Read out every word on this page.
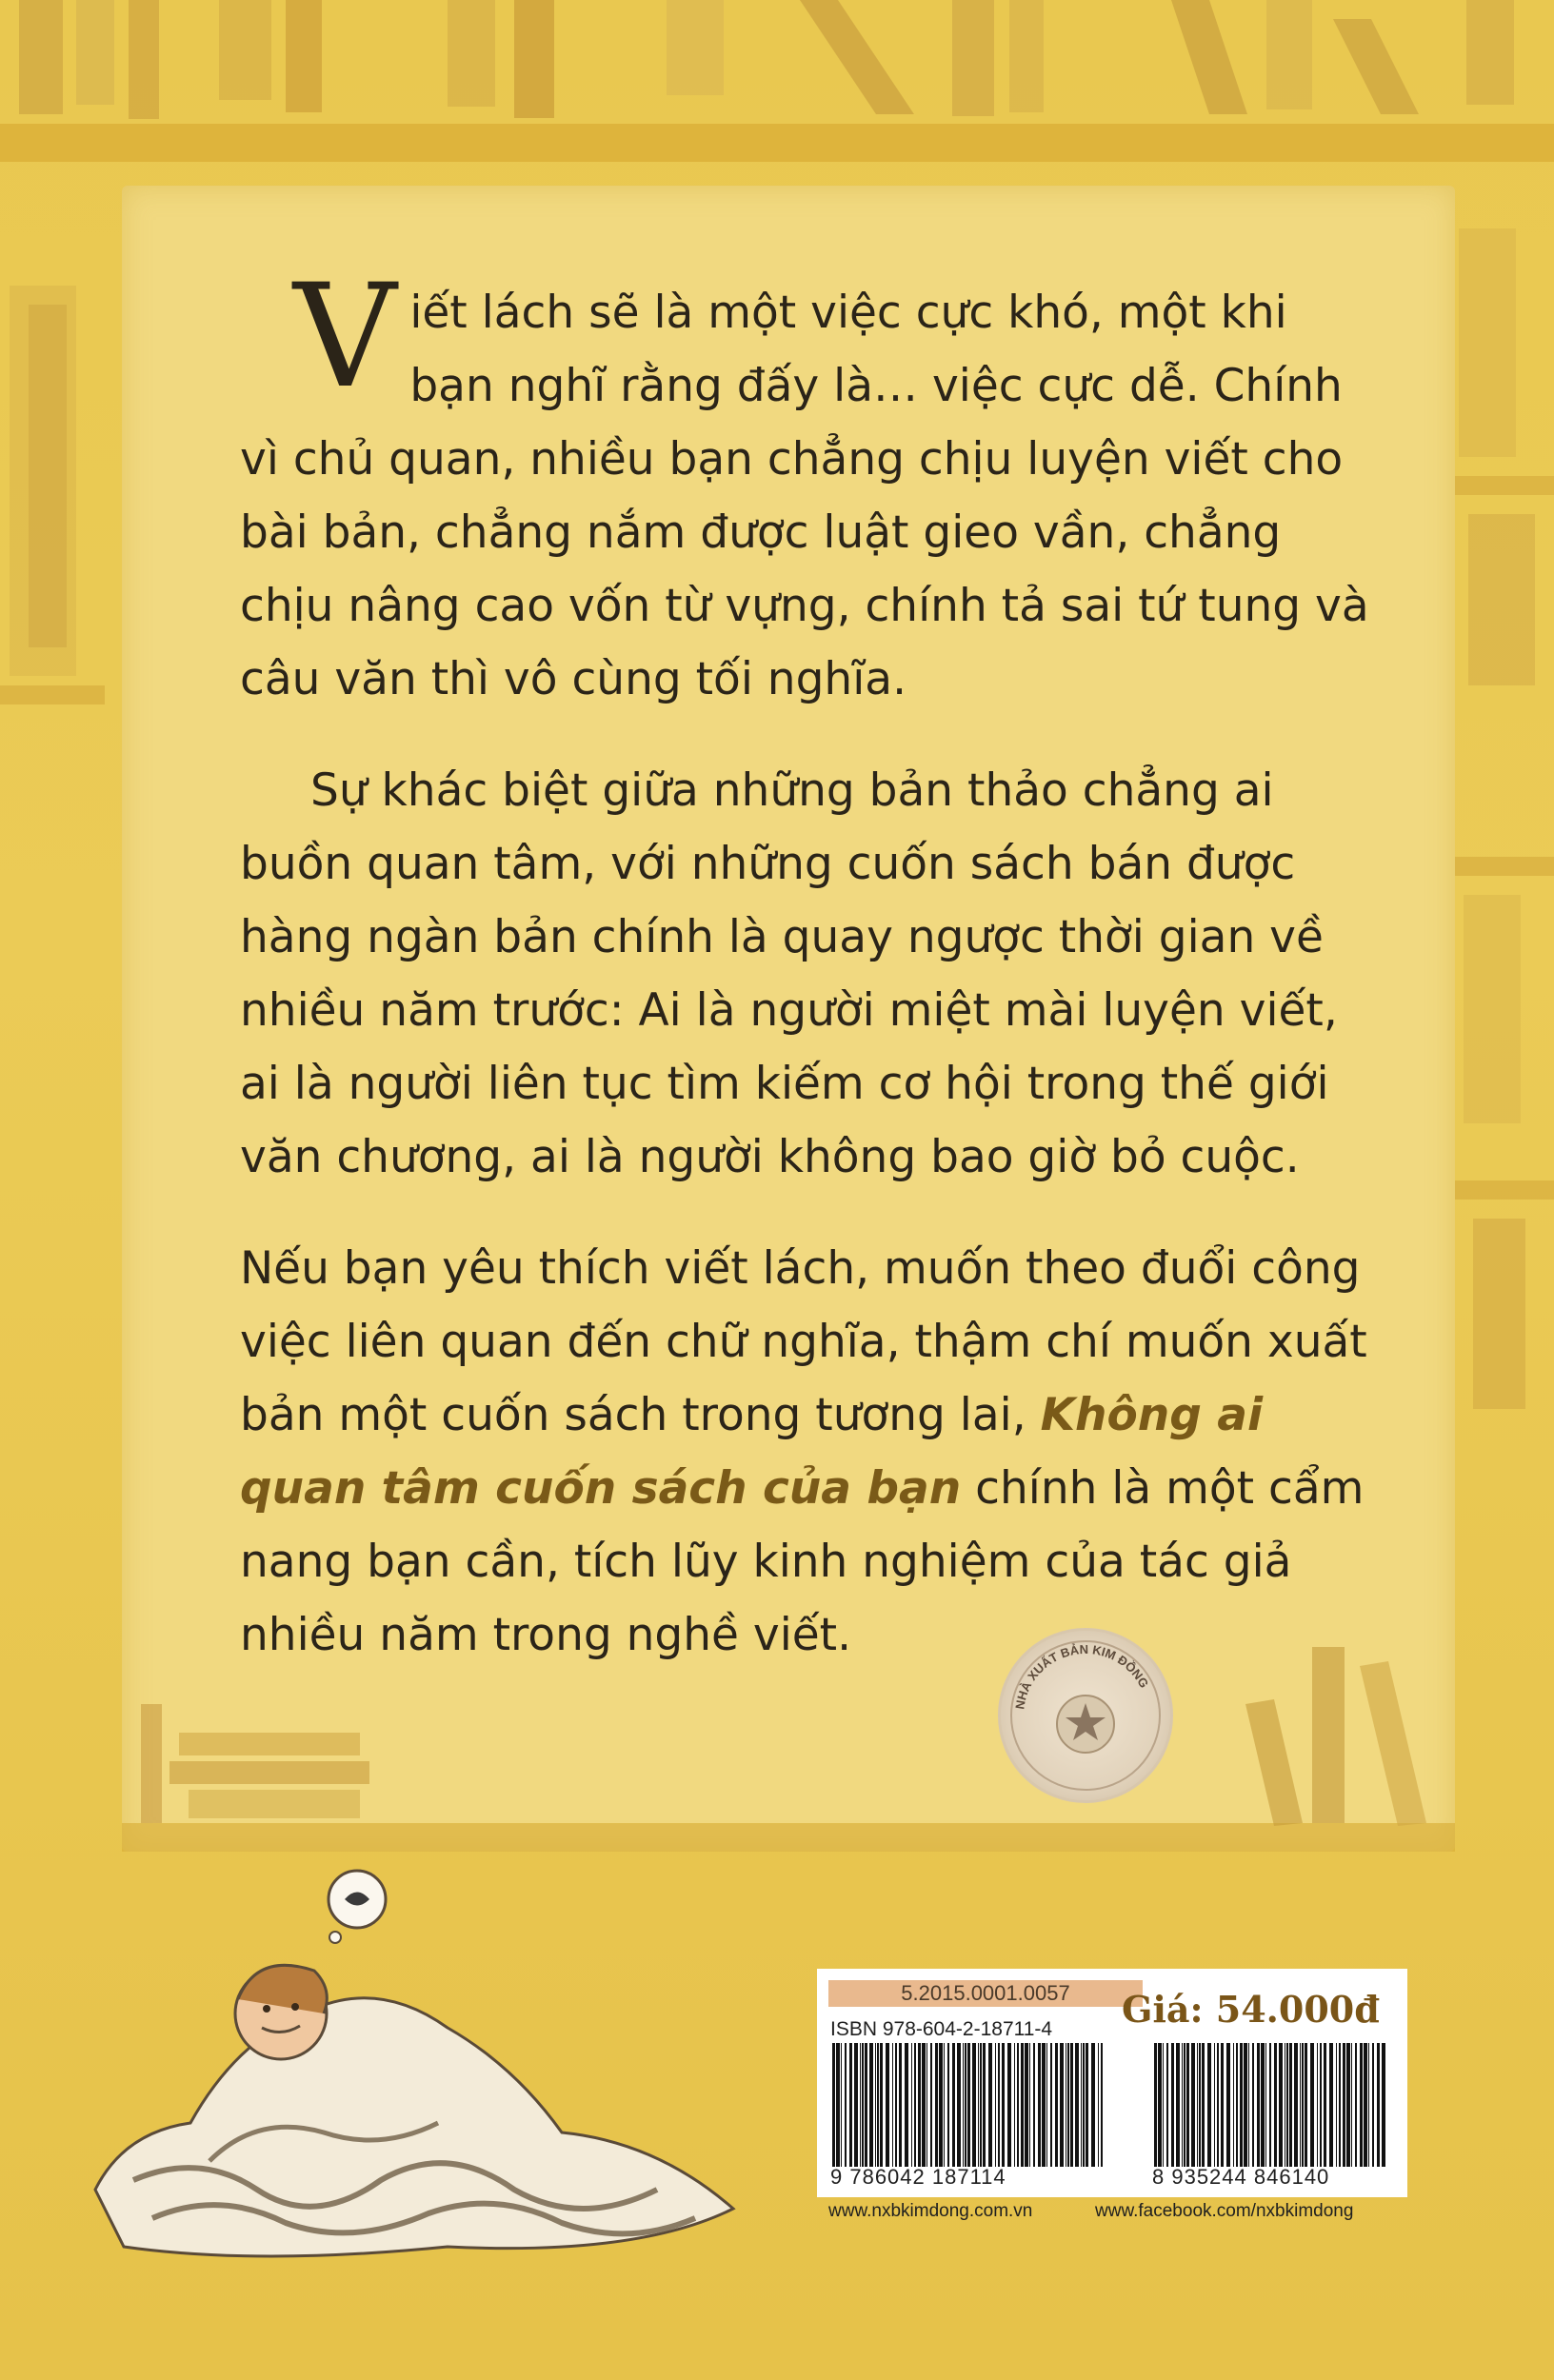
Viết lách sẽ là một việc cực khó, một khi bạn nghĩ rằng đấy là… việc cực dễ. Chính vì chủ quan, nhiều bạn chẳng chịu luyện viết cho bài bản, chẳng nắm được luật gieo vần, chẳng chịu nâng cao vốn từ vựng, chính tả sai tứ tung và câu văn thì vô cùng tối nghĩa.

Sự khác biệt giữa những bản thảo chẳng ai buồn quan tâm, với những cuốn sách bán được hàng ngàn bản chính là quay ngược thời gian về nhiều năm trước: Ai là người miệt mài luyện viết, ai là người liên tục tìm kiếm cơ hội trong thế giới văn chương, ai là người không bao giờ bỏ cuộc.

Nếu bạn yêu thích viết lách, muốn theo đuổi công việc liên quan đến chữ nghĩa, thậm chí muốn xuất bản một cuốn sách trong tương lai, Không ai quan tâm cuốn sách của bạn chính là một cẩm nang bạn cần, tích lũy kinh nghiệm của tác giả nhiều năm trong nghề viết.

NHÀ XUẤT BẢN KIM ĐỒNG
5.2015.0001.0057
ISBN 978-604-2-18711-4 Giá: 54.000đ
9 786042 187114	8 935244 846140
www.nxbkimdong.com.vn	www.facebook.com/nxbkimdong
